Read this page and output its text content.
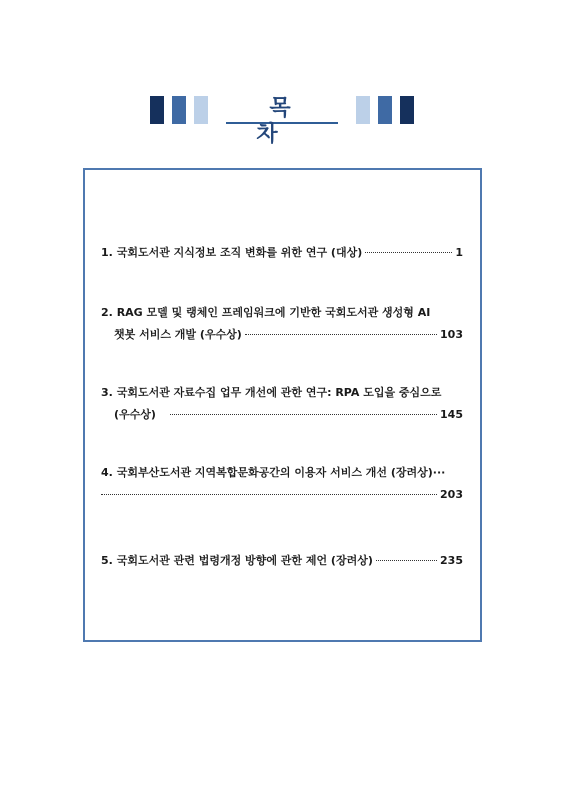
목 차
1. 국회도서관 지식정보 조직 변화를 위한 연구 (대상)	1
2. RAG 모델 및 랭체인 프레임워크에 기반한 국회도서관 생성형 AI
챗봇 서비스 개발 (우수상)	103
3. 국회도서관 자료수집 업무 개선에 관한 연구: RPA 도입을 중심으로
(우수상)	145
4. 국회부산도서관 지역복합문화공간의 이용자 서비스 개선 (장려상)···
203
5. 국회도서관 관련 법령개정 방향에 관한 제언 (장려상)	235
